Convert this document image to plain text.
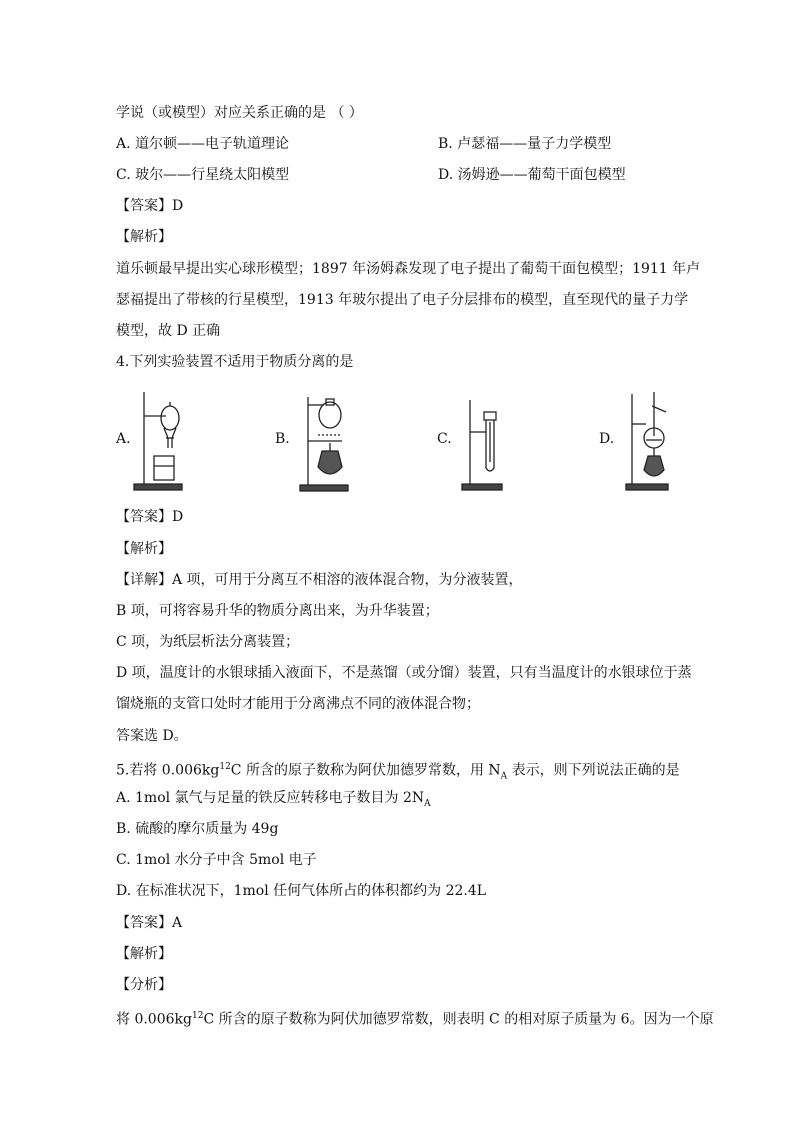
学说（或模型）对应关系正确的是 （ ）
A. 道尔顿——电子轨道理论	B. 卢瑟福——量子力学模型
C. 玻尔——行星绕太阳模型	D. 汤姆逊——葡萄干面包模型
【答案】D
【解析】
道乐顿最早提出实心球形模型；1897 年汤姆森发现了电子提出了葡萄干面包模型；1911 年卢
瑟福提出了带核的行星模型，1913 年玻尔提出了电子分层排布的模型，直至现代的量子力学
模型，故 D 正确
4.下列实验装置不适用于物质分离的是
A.	B.	C.	D.
【答案】D
【解析】
【详解】A 项，可用于分离互不相溶的液体混合物，为分液装置，
B 项，可将容易升华的物质分离出来，为升华装置；
C 项，为纸层析法分离装置；
D 项，温度计的水银球插入液面下，不是蒸馏（或分馏）装置，只有当温度计的水银球位于蒸
馏烧瓶的支管口处时才能用于分离沸点不同的液体混合物；
答案选 D。
5.若将 $0.006kg^{12}C$ 所含的原子数称为阿伏加德罗常数，用 $N_A$ 表示，则下列说法正确的是
A. 1mol 氯气与足量的铁反应转移电子数目为 $2N_A$
B. 硫酸的摩尔质量为 49g
C. 1mol 水分子中含 5mol 电子
D. 在标准状况下，1mol 任何气体所占的体积都约为 22.4L
【答案】A
【解析】
【分析】
将 $0.006kg^{12}C$ 所含的原子数称为阿伏加德罗常数，则表明 C 的相对原子质量为 6。因为一个原
